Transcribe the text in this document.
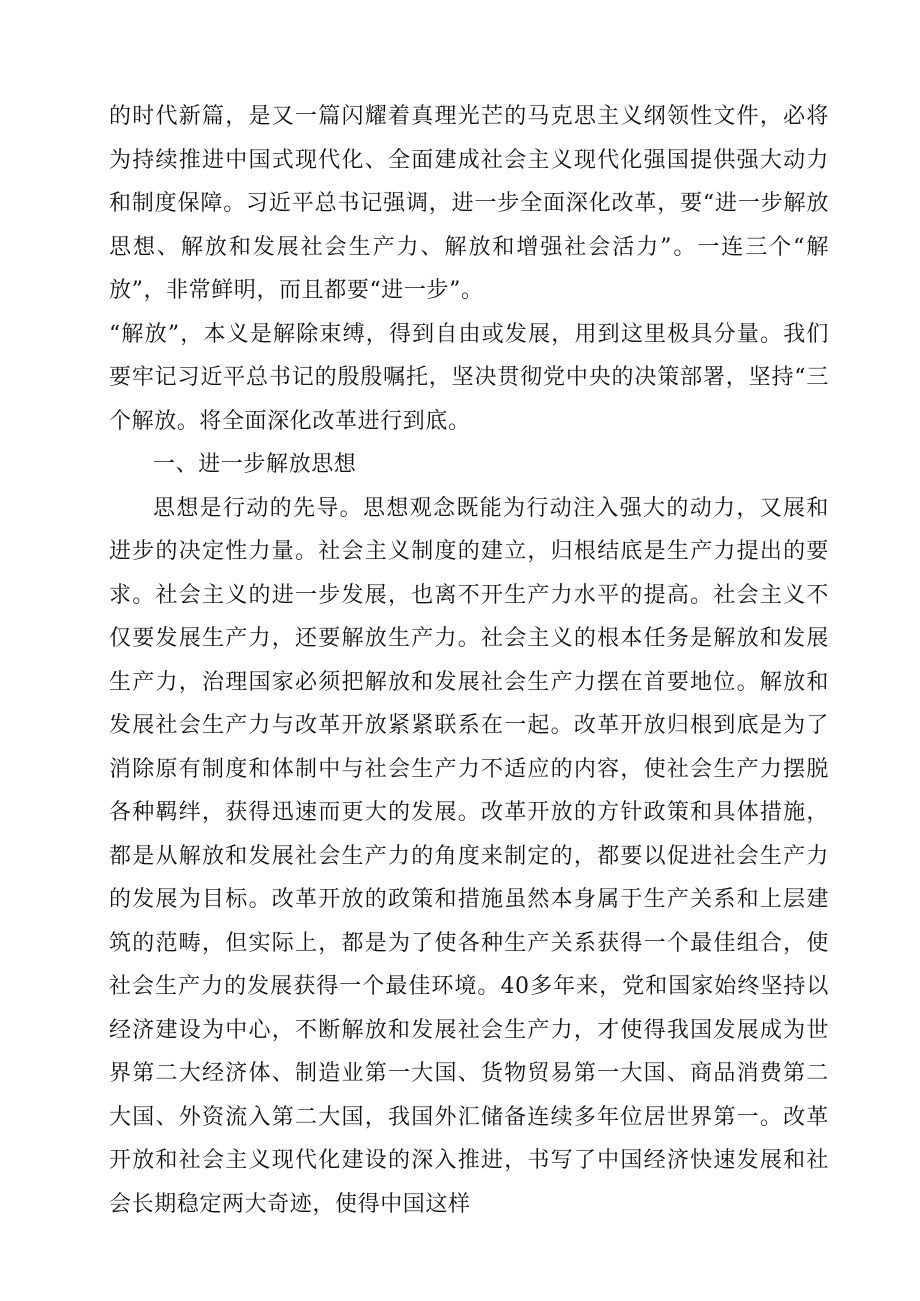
的时代新篇，是又一篇闪耀着真理光芒的马克思主义纲领性文件，必将为持续推进中国式现代化、全面建成社会主义现代化强国提供强大动力和制度保障。习近平总书记强调，进一步全面深化改革，要“进一步解放思想、解放和发展社会生产力、解放和增强社会活力”。一连三个“解放”，非常鲜明，而且都要“进一步”。

“解放”，本义是解除束缚，得到自由或发展，用到这里极具分量。我们要牢记习近平总书记的殷殷嘱托，坚决贯彻党中央的决策部署，坚持“三个解放。将全面深化改革进行到底。

一、进一步解放思想

思想是行动的先导。思想观念既能为行动注入强大的动力，又展和进步的决定性力量。社会主义制度的建立，归根结底是生产力提出的要求。社会主义的进一步发展，也离不开生产力水平的提高。社会主义不仅要发展生产力，还要解放生产力。社会主义的根本任务是解放和发展生产力，治理国家必须把解放和发展社会生产力摆在首要地位。解放和发展社会生产力与改革开放紧紧联系在一起。改革开放归根到底是为了消除原有制度和体制中与社会生产力不适应的内容，使社会生产力摆脱各种羁绊，获得迅速而更大的发展。改革开放的方针政策和具体措施，都是从解放和发展社会生产力的角度来制定的，都要以促进社会生产力的发展为目标。改革开放的政策和措施虽然本身属于生产关系和上层建筑的范畴，但实际上，都是为了使各种生产关系获得一个最佳组合，使社会生产力的发展获得一个最佳环境。40多年来，党和国家始终坚持以经济建设为中心，不断解放和发展社会生产力，才使得我国发展成为世界第二大经济体、制造业第一大国、货物贸易第一大国、商品消费第二大国、外资流入第二大国，我国外汇储备连续多年位居世界第一。改革开放和社会主义现代化建设的深入推进，书写了中国经济快速发展和社会长期稳定两大奇迹，使得中国这样
